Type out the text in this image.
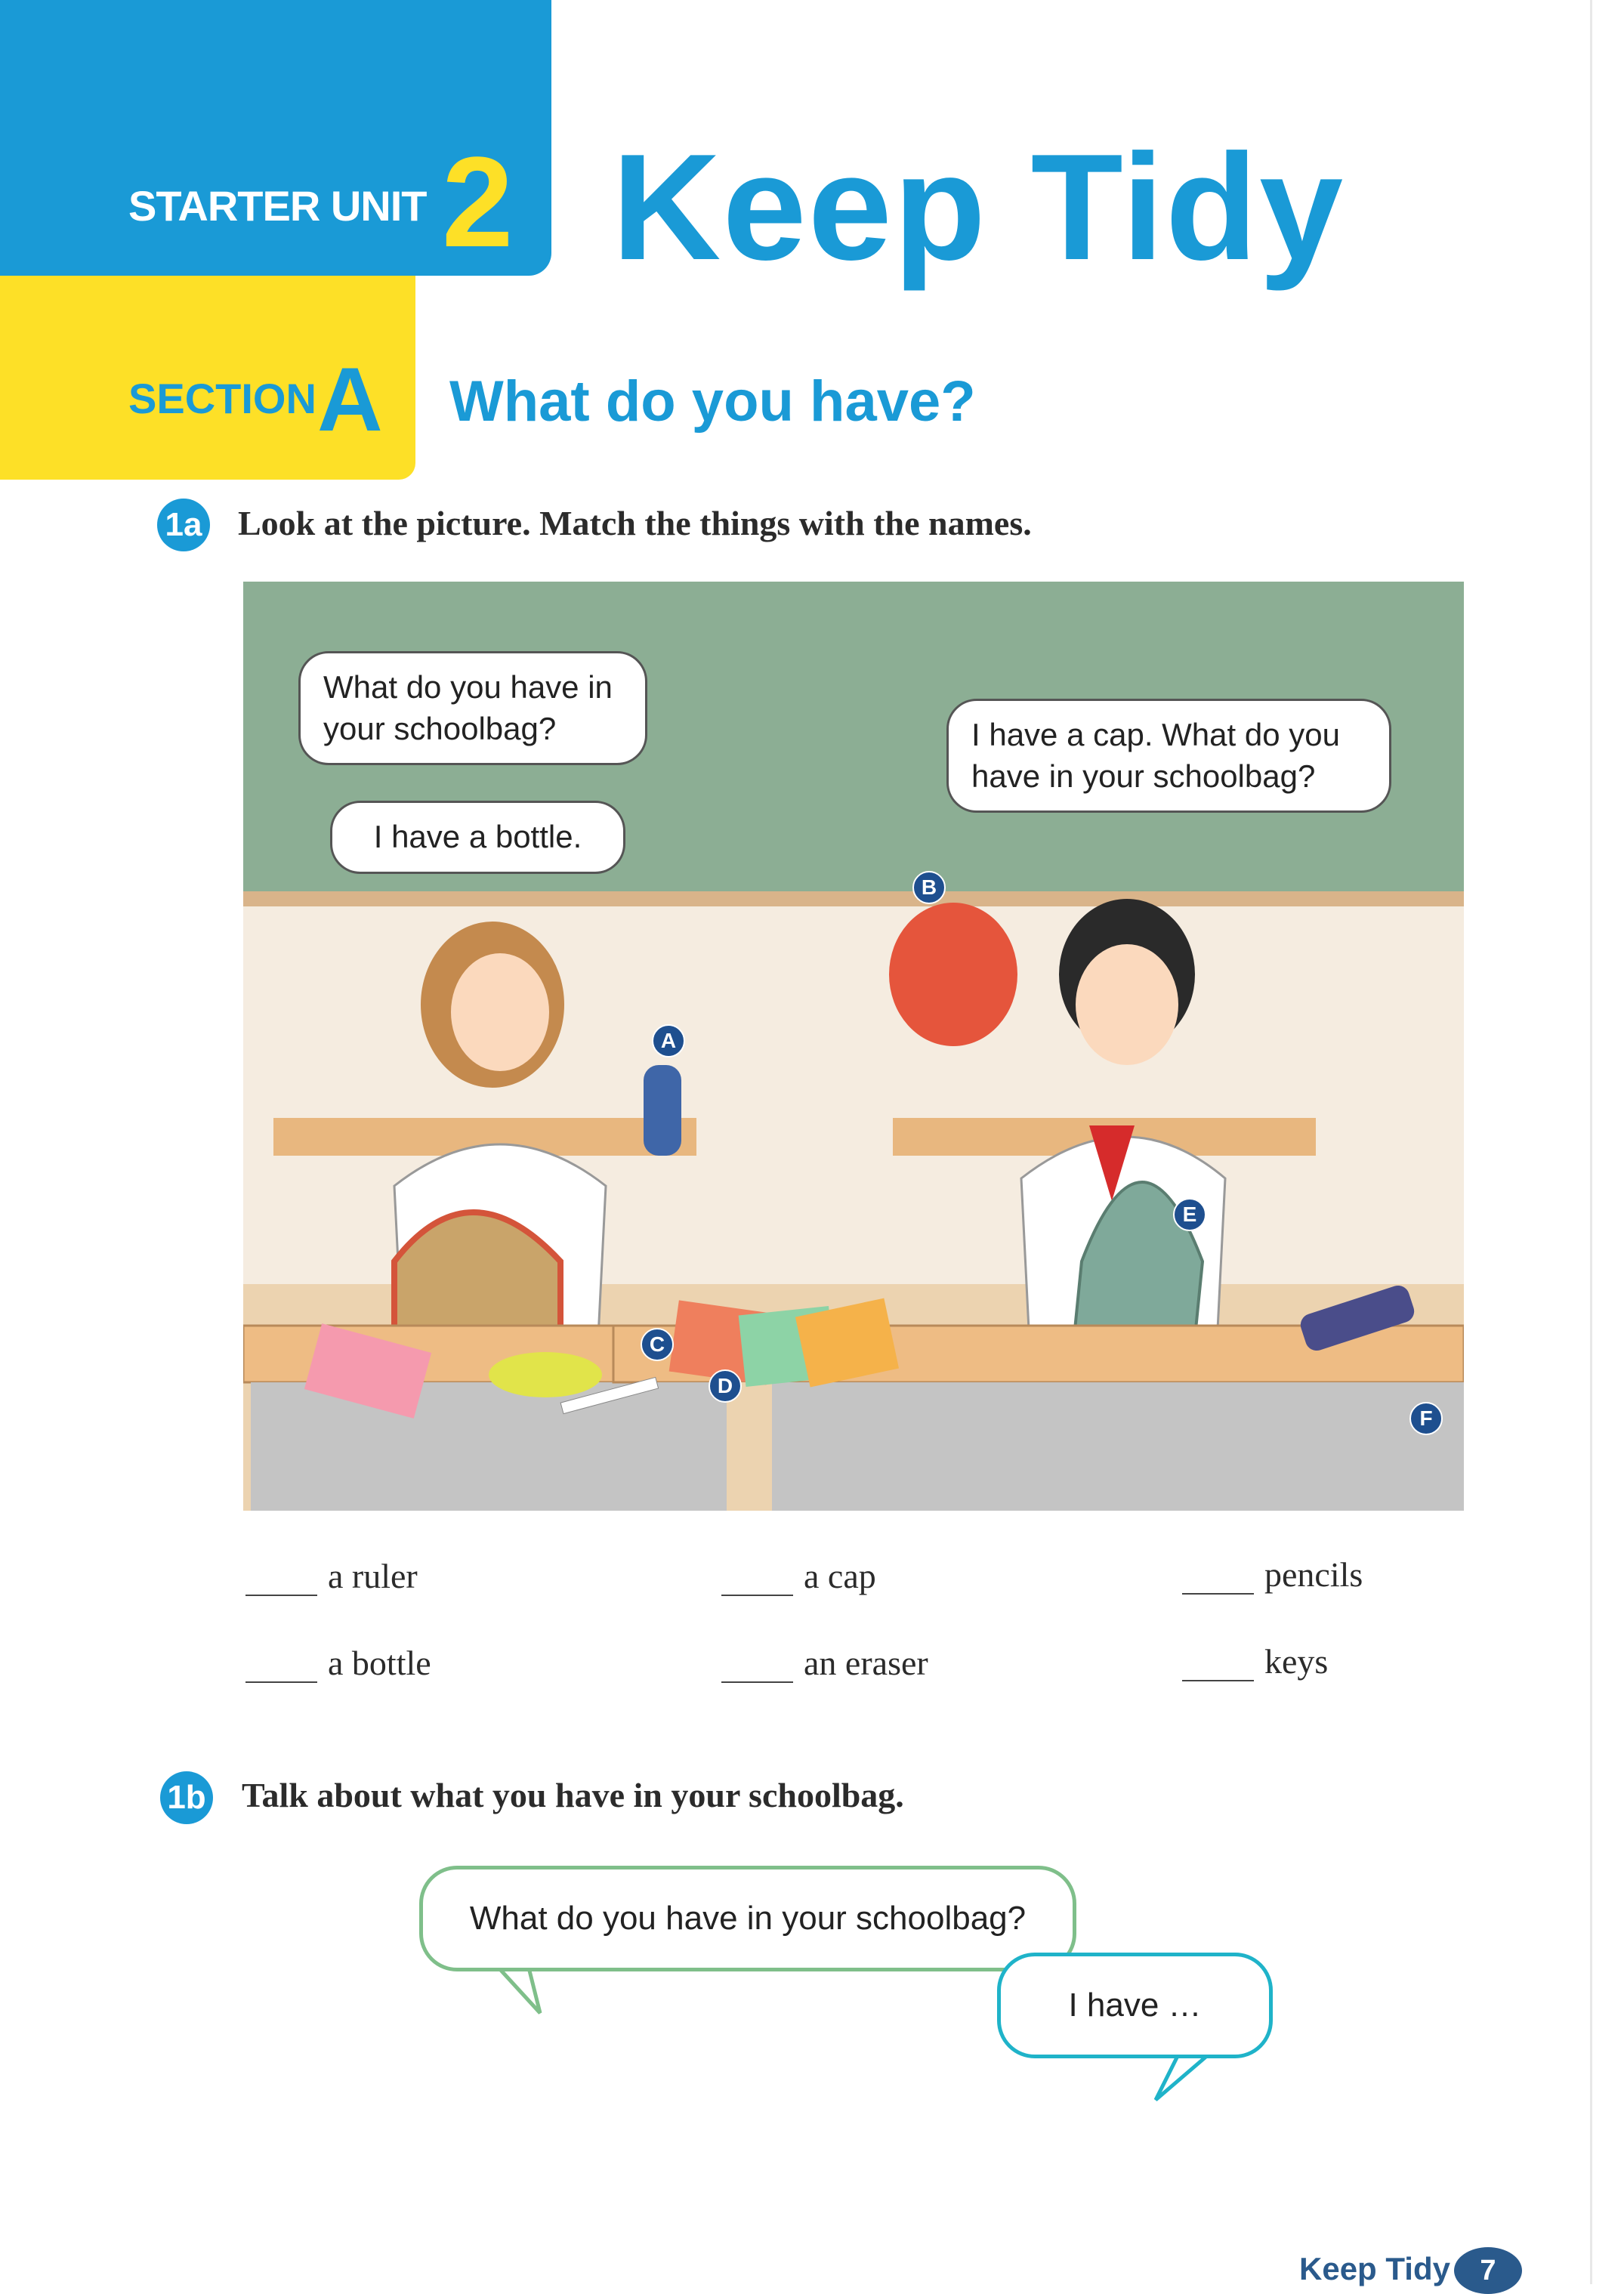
STARTER UNIT 2 Keep Tidy
SECTION A What do you have?
1a Look at the picture. Match the things with the names.
What do you have in your schoolbag?
I have a bottle.
I have a cap. What do you have in your schoolbag?
A
B
C
D
E
F
a ruler	a cap	pencils
a bottle	an eraser	keys
1b Talk about what you have in your schoolbag.
What do you have in your schoolbag?
I have …
Keep Tidy	7
